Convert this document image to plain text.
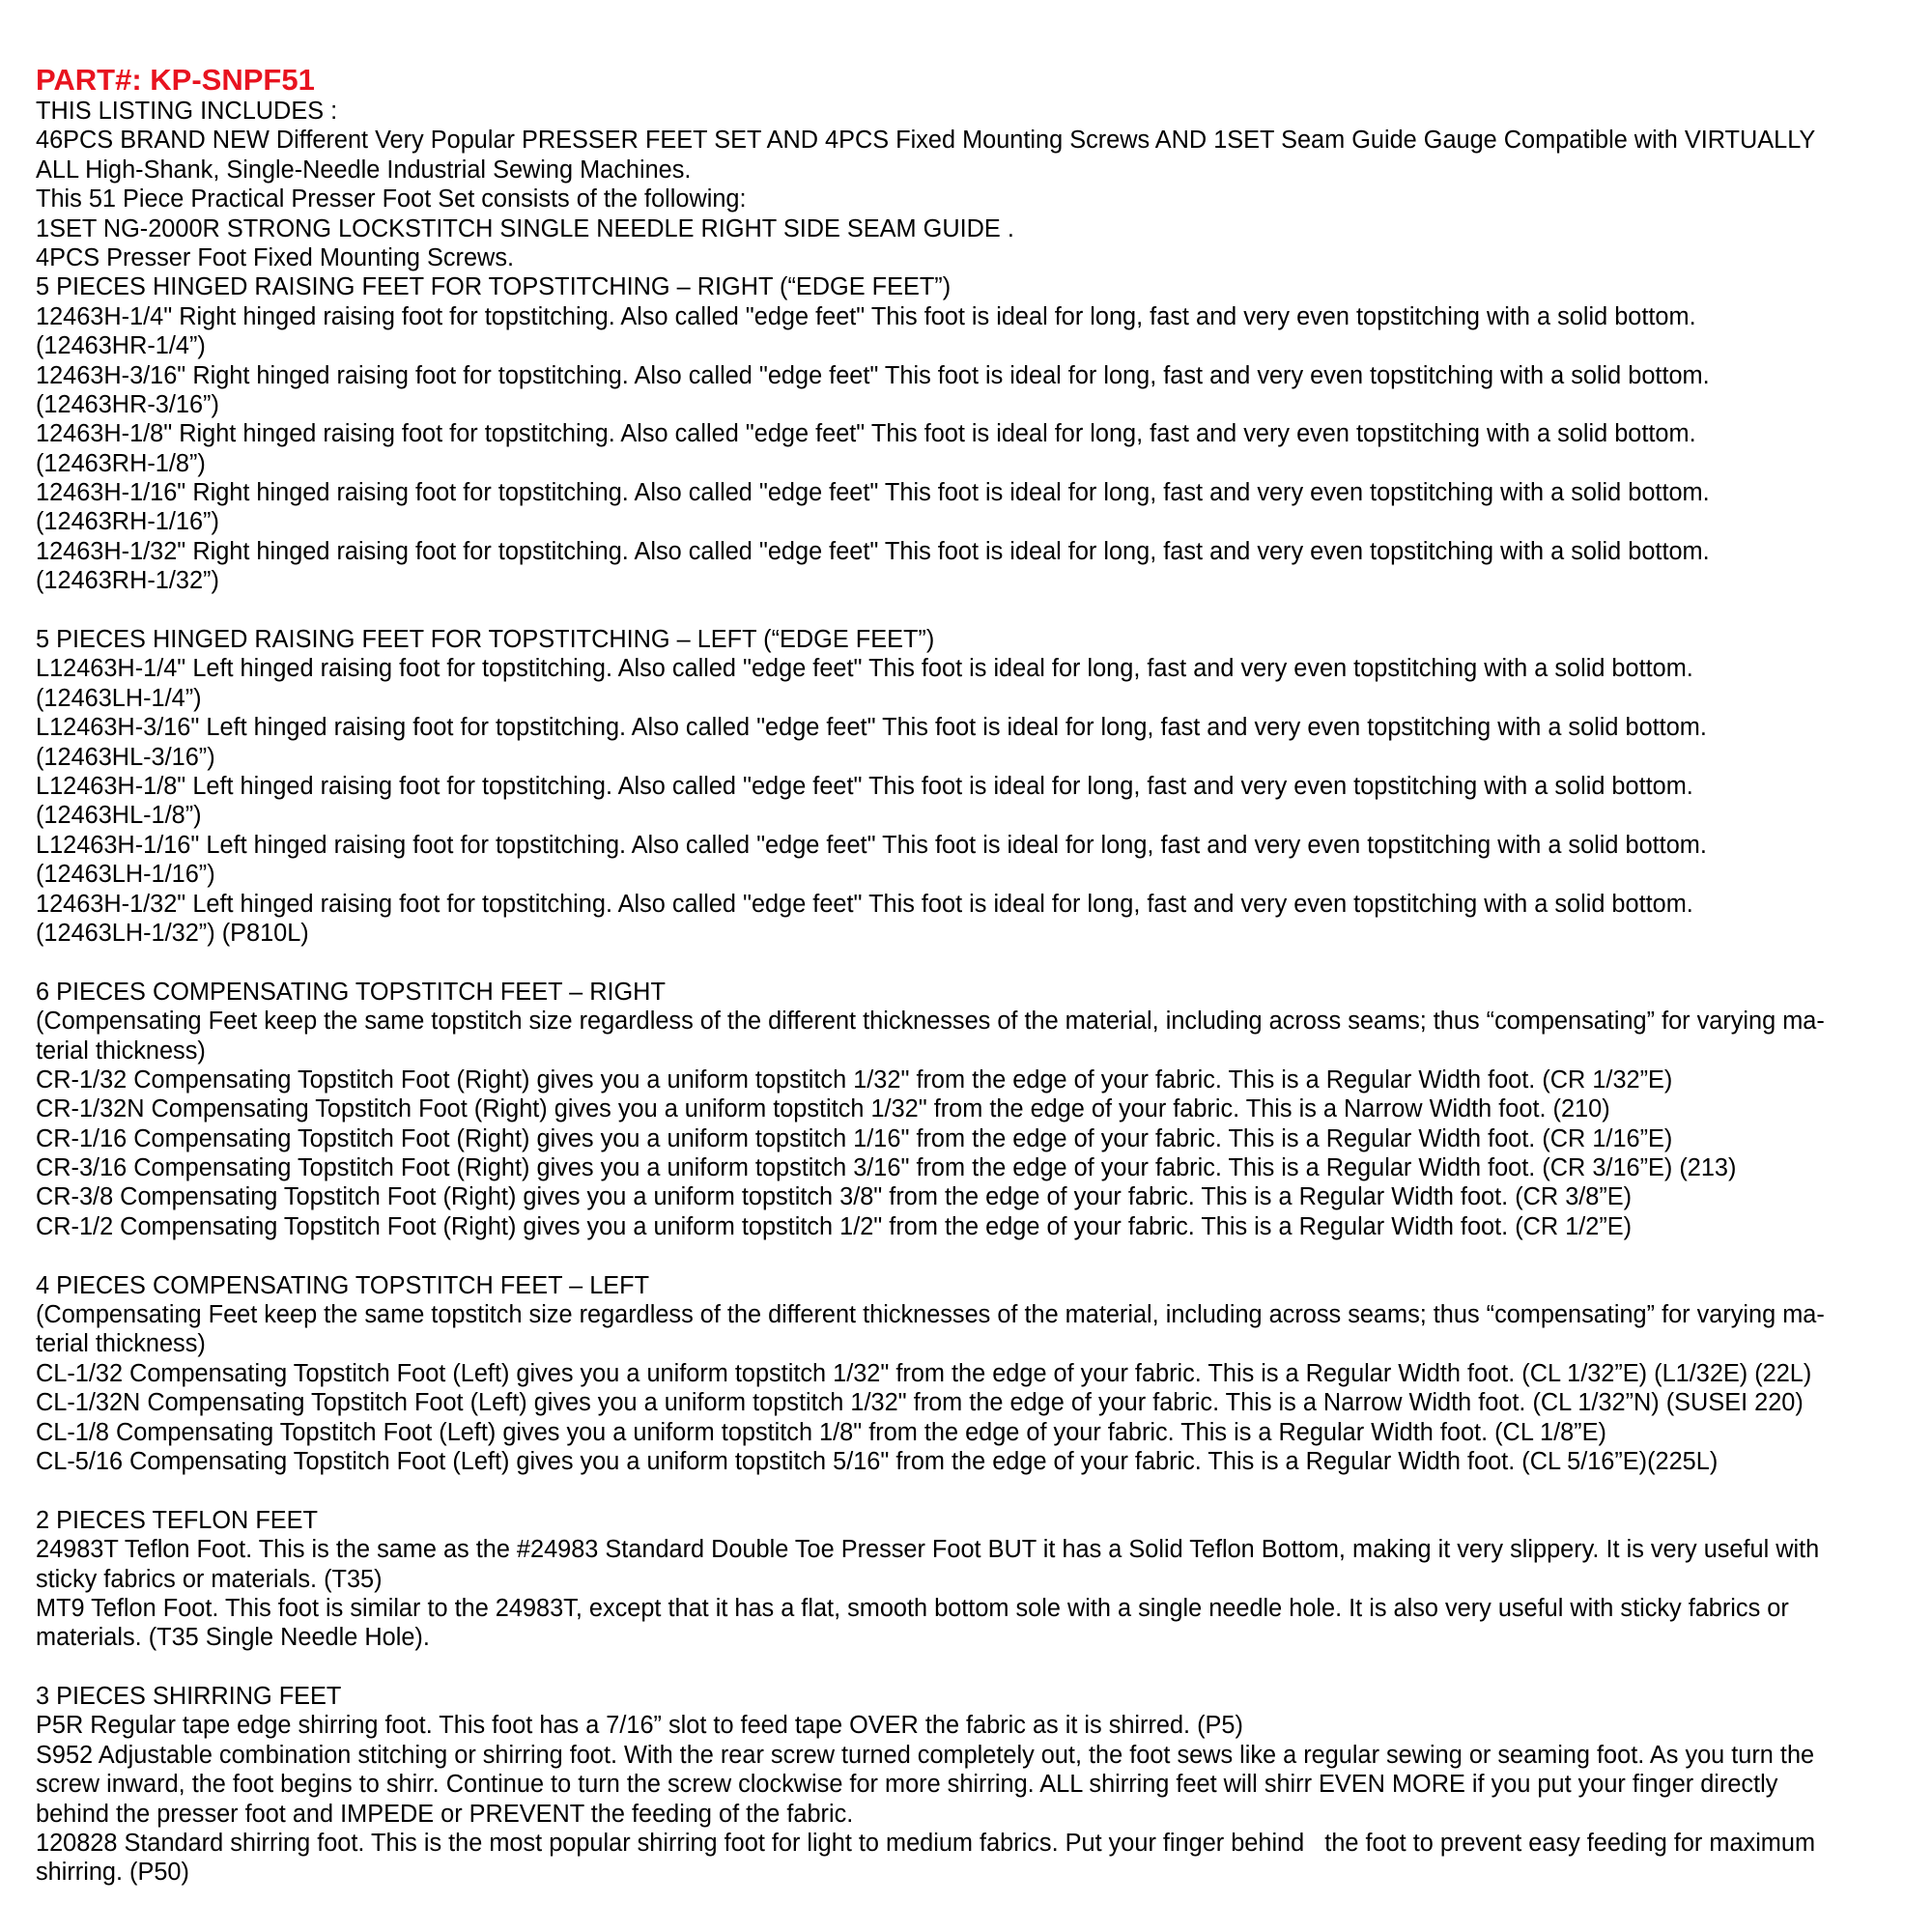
PART#: KP-SNPF51
THIS LISTING INCLUDES :
46PCS BRAND NEW Different Very Popular PRESSER FEET SET AND 4PCS Fixed Mounting Screws AND 1SET Seam Guide Gauge Compatible with VIRTUALLY
ALL High-Shank, Single-Needle Industrial Sewing Machines.
This 51 Piece Practical Presser Foot Set consists of the following:
1SET NG-2000R STRONG LOCKSTITCH SINGLE NEEDLE RIGHT SIDE SEAM GUIDE .
4PCS Presser Foot Fixed Mounting Screws.
5 PIECES HINGED RAISING FEET FOR TOPSTITCHING – RIGHT (“EDGE FEET”)
12463H-1/4" Right hinged raising foot for topstitching. Also called "edge feet" This foot is ideal for long, fast and very even topstitching with a solid bottom.
(12463HR-1/4”)
12463H-3/16" Right hinged raising foot for topstitching. Also called "edge feet" This foot is ideal for long, fast and very even topstitching with a solid bottom.
(12463HR-3/16”)
12463H-1/8" Right hinged raising foot for topstitching. Also called "edge feet" This foot is ideal for long, fast and very even topstitching with a solid bottom.
(12463RH-1/8”)
12463H-1/16" Right hinged raising foot for topstitching. Also called "edge feet" This foot is ideal for long, fast and very even topstitching with a solid bottom.
(12463RH-1/16”)
12463H-1/32" Right hinged raising foot for topstitching. Also called "edge feet" This foot is ideal for long, fast and very even topstitching with a solid bottom.
(12463RH-1/32”)
5 PIECES HINGED RAISING FEET FOR TOPSTITCHING – LEFT (“EDGE FEET”)
L12463H-1/4" Left hinged raising foot for topstitching. Also called "edge feet" This foot is ideal for long, fast and very even topstitching with a solid bottom.
(12463LH-1/4”)
L12463H-3/16" Left hinged raising foot for topstitching. Also called "edge feet" This foot is ideal for long, fast and very even topstitching with a solid bottom.
(12463HL-3/16”)
L12463H-1/8" Left hinged raising foot for topstitching. Also called "edge feet" This foot is ideal for long, fast and very even topstitching with a solid bottom.
(12463HL-1/8”)
L12463H-1/16" Left hinged raising foot for topstitching. Also called "edge feet" This foot is ideal for long, fast and very even topstitching with a solid bottom.
(12463LH-1/16”)
12463H-1/32" Left hinged raising foot for topstitching. Also called "edge feet" This foot is ideal for long, fast and very even topstitching with a solid bottom.
(12463LH-1/32”) (P810L)
6 PIECES COMPENSATING TOPSTITCH FEET – RIGHT
(Compensating Feet keep the same topstitch size regardless of the different thicknesses of the material, including across seams; thus “compensating” for varying ma-
terial thickness)
CR-1/32 Compensating Topstitch Foot (Right) gives you a uniform topstitch 1/32" from the edge of your fabric. This is a Regular Width foot. (CR 1/32”E)
CR-1/32N Compensating Topstitch Foot (Right) gives you a uniform topstitch 1/32" from the edge of your fabric. This is a Narrow Width foot. (210)
CR-1/16 Compensating Topstitch Foot (Right) gives you a uniform topstitch 1/16" from the edge of your fabric. This is a Regular Width foot. (CR 1/16”E)
CR-3/16 Compensating Topstitch Foot (Right) gives you a uniform topstitch 3/16" from the edge of your fabric. This is a Regular Width foot. (CR 3/16”E) (213)
CR-3/8 Compensating Topstitch Foot (Right) gives you a uniform topstitch 3/8" from the edge of your fabric. This is a Regular Width foot. (CR 3/8”E)
CR-1/2 Compensating Topstitch Foot (Right) gives you a uniform topstitch 1/2" from the edge of your fabric. This is a Regular Width foot. (CR 1/2”E)
4 PIECES COMPENSATING TOPSTITCH FEET – LEFT
(Compensating Feet keep the same topstitch size regardless of the different thicknesses of the material, including across seams; thus “compensating” for varying ma-
terial thickness)
CL-1/32 Compensating Topstitch Foot (Left) gives you a uniform topstitch 1/32" from the edge of your fabric. This is a Regular Width foot. (CL 1/32”E) (L1/32E) (22L)
CL-1/32N Compensating Topstitch Foot (Left) gives you a uniform topstitch 1/32" from the edge of your fabric. This is a Narrow Width foot. (CL 1/32”N) (SUSEI 220)
CL-1/8 Compensating Topstitch Foot (Left) gives you a uniform topstitch 1/8" from the edge of your fabric. This is a Regular Width foot. (CL 1/8”E)
CL-5/16 Compensating Topstitch Foot (Left) gives you a uniform topstitch 5/16" from the edge of your fabric. This is a Regular Width foot. (CL 5/16”E)(225L)
2 PIECES TEFLON FEET
24983T Teflon Foot. This is the same as the #24983 Standard Double Toe Presser Foot BUT it has a Solid Teflon Bottom, making it very slippery. It is very useful with
sticky fabrics or materials. (T35)
MT9 Teflon Foot. This foot is similar to the 24983T, except that it has a flat, smooth bottom sole with a single needle hole. It is also very useful with sticky fabrics or
materials. (T35 Single Needle Hole).
3 PIECES SHIRRING FEET
P5R Regular tape edge shirring foot. This foot has a 7/16” slot to feed tape OVER the fabric as it is shirred. (P5)
S952 Adjustable combination stitching or shirring foot. With the rear screw turned completely out, the foot sews like a regular sewing or seaming foot. As you turn the
screw inward, the foot begins to shirr. Continue to turn the screw clockwise for more shirring. ALL shirring feet will shirr EVEN MORE if you put your finger directly
behind the presser foot and IMPEDE or PREVENT the feeding of the fabric.
120828 Standard shirring foot. This is the most popular shirring foot for light to medium fabrics. Put your finger behind   the foot to prevent easy feeding for maximum
shirring. (P50)
